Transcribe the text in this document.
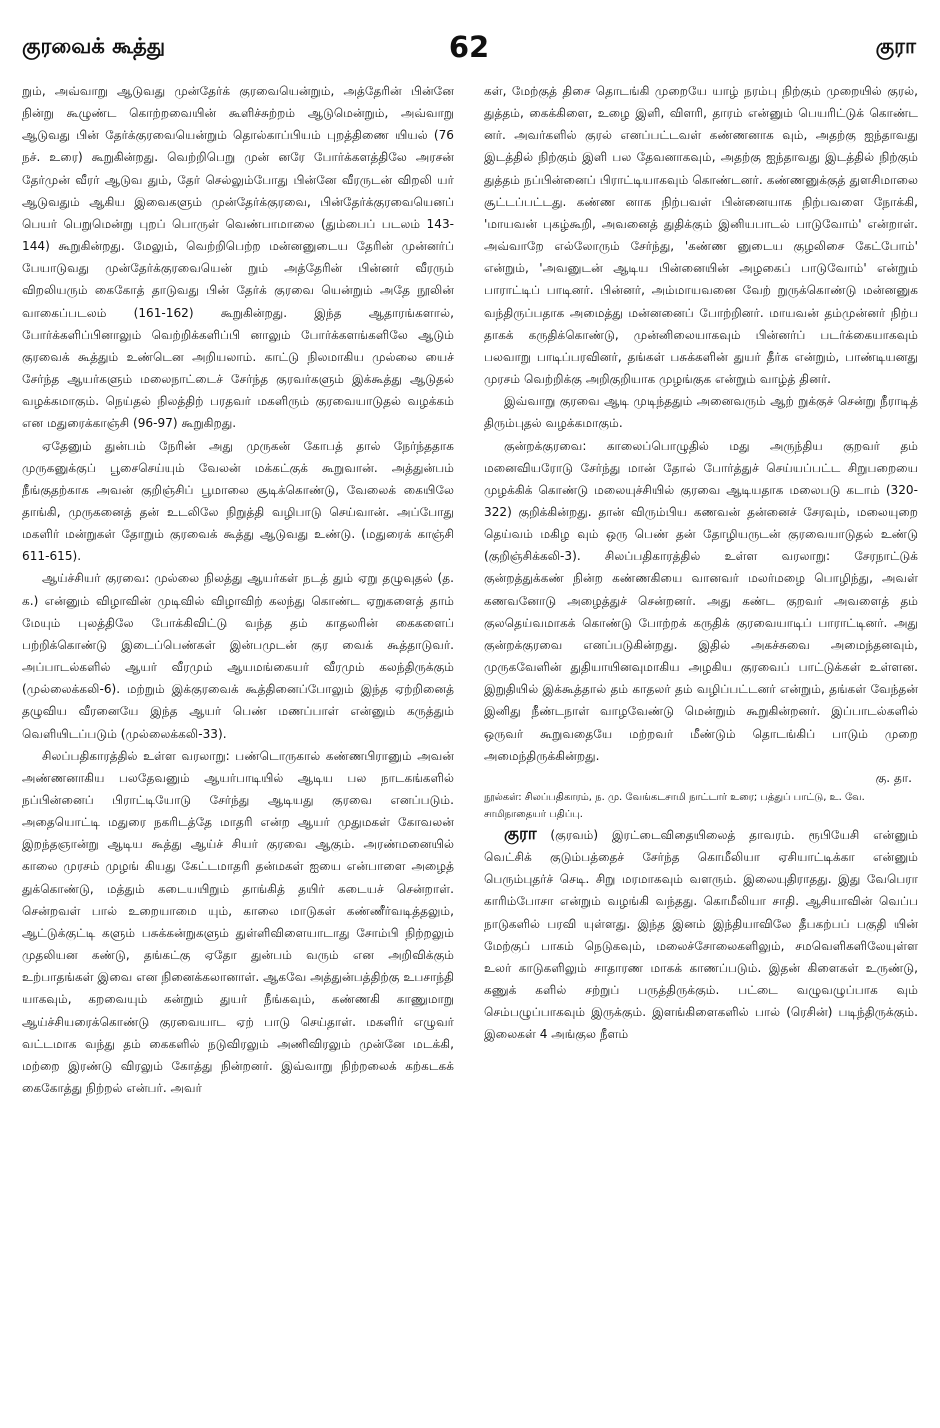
குரவைக் கூத்து	62	குரா

றும், அவ்வாறு ஆடுவது முன்தேர்க் குரவையென்றும், அத்தேரின் பின்னே நின்று கூழுண்ட கொற்றவையின் கூளிச்சுற்றம் ஆடுமென்றும், அவ்வாறு ஆடுவது பின் தேர்க்குரவையென்றும் தொல்காப்பியம் புறத்திணை யியல் (76 நச். உரை) கூறுகின்றது. வெற்றிபெறு முன் னரே போர்க்களத்திலே அரசன் தேர்முன் வீரர் ஆடுவ தும், தேர் செல்லும்போது பின்னே வீரருடன் விறலி யர் ஆடுவதும் ஆகிய இவைகளும் முன்தேர்க்குரவை, பின்தேர்க்குரவையெனப் பெயர் பெறுமென்று புறப் பொருள் வெண்பாமாலை (தும்பைப் படலம் 143-144) கூறுகின்றது. மேலும், வெற்றிபெற்ற மன்னனுடைய தேரின் முன்னர்ப் பேயாடுவது முன்தேர்க்குரவையென் றும் அத்தேரின் பின்னர் வீரரும் விறலியரும் கைகோத் தாடுவது பின் தேர்க் குரவை யென்றும் அதே நூலின் வாகைப்படலம் (161-162) கூறுகின்றது. இந்த ஆதாரங்களால், போர்க்களிப்பினாலும் வெற்றிக்களிப்பி னாலும் போர்க்களங்களிலே ஆடும் குரவைக் கூத்தும் உண்டென அறியலாம். காட்டு நிலமாகிய முல்லை யைச் சேர்ந்த ஆயர்களும் மலைநாட்டைச் சேர்ந்த குரவர்களும் இக்கூத்து ஆடுதல் வழக்கமாகும். நெய்தல் நிலத்திற் பரதவர் மகளிரும் குரவையாடுதல் வழக்கம் என மதுரைக்காஞ்சி (96-97) கூறுகிறது.

ஏதேனும் துன்பம் நேரின் அது முருகன் கோபத் தால் நேர்ந்ததாக முருகனுக்குப் பூசைசெய்யும் வேலன் மக்கட்குக் கூறுவான். அத்துன்பம் நீங்குதற்காக அவன் குறிஞ்சிப் பூமாலை சூடிக்கொண்டு, வேலைக் கையிலே தாங்கி, முருகனைத் தன் உடலிலே நிறுத்தி வழிபாடு செய்வான். அப்போது மகளிர் மன்றுகள் தோறும் குரவைக் கூத்து ஆடுவது உண்டு. (மதுரைக் காஞ்சி 611-615).

ஆய்ச்சியர் குரவை: முல்லை நிலத்து ஆயர்கள் நடத் தும் ஏறு தழுவுதல் (த. க.) என்னும் விழாவின் முடிவில் விழாவிற் கலந்து கொண்ட ஏறுகளைத் தாம் மேயும் புலத்திலே போக்கிவிட்டு வந்த தம் காதலரின் கைகளைப் பற்றிக்கொண்டு இடைப்பெண்கள் இன்பமுடன் குர வைக் கூத்தாடுவர். அப்பாடல்களில் ஆயர் வீரமும் ஆயமங்கையர் வீரமும் கலந்திருக்கும் (முல்லைக்கலி-6). மற்றும் இக்குரவைக் கூத்தினைப்போலும் இந்த ஏற்றினைத் தழுவிய வீரனையே இந்த ஆயர் பெண் மணப்பாள் என்னும் கருத்தும் வெளியிடப்படும் (முல்லைக்கலி-33).

சிலப்பதிகாரத்தில் உள்ள வரலாறு: பண்டொருகால் கண்ணபிரானும் அவன் அண்ணனாகிய பலதேவனும் ஆயர்பாடியில் ஆடிய பல நாடகங்களில் நப்பின்னைப் பிராட்டியோடு சேர்ந்து ஆடியது குரவை எனப்படும். அதையொட்டி மதுரை நகரிடத்தே மாதரி என்ற ஆயர் முதுமகள் கோவலன் இறந்தஞான்று ஆடிய கூத்து ஆய்ச் சியர் குரவை ஆகும். அரண்மனையில் காலை முரசம் முழங் கியது கேட்டமாதரி தன்மகள் ஐயை என்பாளை அழைத் துக்கொண்டு, மத்தும் கடையயிறும் தாங்கித் தயிர் கடையச் சென்றாள். சென்றவள் பால் உறையாமை யும், காலை மாடுகள் கண்ணீர்வடித்தலும், ஆட்டுக்குட்டி களும் பசுக்கன்றுகளும் துள்ளிவிளையாடாது சோம்பி நிற்றலும் முதலியன கண்டு, தங்கட்கு ஏதோ துன்பம் வரும் என அறிவிக்கும் உற்பாதங்கள் இவை என நினைக்கலானாள். ஆகவே அத்துன்பத்திற்கு உபசாந்தி யாகவும், கறவையும் கன்றும் துயர் நீங்கவும், கண்ணகி காணுமாறு ஆய்ச்சியரைக்கொண்டு குரவையாட ஏற் பாடு செய்தாள். மகளிர் எழுவர் வட்டமாக வந்து தம் கைகளில் நடுவிரலும் அணிவிரலும் முன்னே மடக்கி, மற்றை இரண்டு விரலும் கோத்து நின்றனர். இவ்வாறு நிற்றலைக் கற்கடகக் கைகோத்து நிற்றல் என்பர். அவர்

கள், மேற்குத் திசை தொடங்கி முறையே யாழ் நரம்பு நிற்கும் முறையில் குரல், துத்தம், கைக்கிளை, உழை இளி, விளரி, தாரம் என்னும் பெயரிட்டுக் கொண்ட னர். அவர்களில் குரல் எனப்பட்டவள் கண்ணனாக வும், அதற்கு ஐந்தாவது இடத்தில் நிற்கும் இளி பல தேவனாகவும், அதற்கு ஐந்தாவது இடத்தில் நிற்கும் துத்தம் நப்பின்னைப் பிராட்டியாகவும் கொண்டனர். கண்ணனுக்குத் துளசிமாலை சூட்டப்பட்டது. கண்ண னாக நிற்பவள் பின்னையாக நிற்பவளை நோக்கி, 'மாயவன் புகழ்கூறி, அவனைத் துதிக்கும் இனியபாடல் பாடுவோம்' என்றாள். அவ்வாறே எல்லோரும் சேர்ந்து, 'கண்ண னுடைய குழலிசை கேட்போம்' என்றும், 'அவனுடன் ஆடிய பின்னையின் அழகைப் பாடுவோம்' என்றும் பாராட்டிப் பாடினர். பின்னர், அம்மாயவனை வேற் றுருக்கொண்டு மன்னனுக வந்திருப்பதாக அமைத்து மன்னனைப் போற்றினர். மாயவன் தம்முன்னர் நிற்ப தாகக் கருதிக்கொண்டு, முன்னிலையாகவும் பின்னர்ப் படர்க்கையாகவும் பலவாறு பாடிப்பரவினர், தங்கள் பசுக்களின் துயர் தீர்க என்றும், பாண்டியனது முரசம் வெற்றிக்கு அறிகுறியாக முழங்குக என்றும் வாழ்த் தினர்.

இவ்வாறு குரவை ஆடி முடிந்ததும் அனைவரும் ஆற் றுக்குச் சென்று நீராடித் திரும்புதல் வழக்கமாகும்.

குன்றக்குரவை: காலைப்பொழுதில் மது அருந்திய குறவர் தம் மனைவியரோடு சேர்ந்து மான் தோல் போர்த்துச் செய்யப்பட்ட சிறுபறையை முழக்கிக் கொண்டு மலையுச்சியில் குரவை ஆடியதாக மலைபடு கடாம் (320-322) குறிக்கின்றது. தான் விரும்பிய கணவன் தன்னைச் சேரவும், மலையுறை தெய்வம் மகிழ வும் ஒரு பெண் தன் தோழியருடன் குரவையாடுதல் உண்டு (குறிஞ்சிக்கலி-3). சிலப்பதிகாரத்தில் உள்ள வரலாறு: சேரநாட்டுக் குன்றத்துக்கண் நின்ற கண்ணகியை வானவர் மலர்மழை பொழிந்து, அவள் கணவனோடு அழைத்துச் சென்றனர். அது கண்ட குறவர் அவளைத் தம் குலதெய்வமாகக் கொண்டு போற்றக் கருதிக் குரவையாடிப் பாராட்டினர். அது குன்றக்குரவை எனப்படுகின்றது. இதில் அகச்சுவை அமைந்தனவும், முருகவேளின் துதியாயினவுமாகிய அழகிய குரவைப் பாட்டுக்கள் உள்ளன. இறுதியில் இக்கூத்தால் தம் காதலர் தம் வழிப்பட்டனர் என்றும், தங்கள் வேந்தன் இனிது நீண்டநாள் வாழவேண்டு மென்றும் கூறுகின்றனர். இப்பாடல்களில் ஒருவர் கூறுவதையே மற்றவர் மீண்டும் தொடங்கிப் பாடும் முறை அமைந்திருக்கின்றது.

கு. தா.

நூல்கள்: சிலப்பதிகாரம், ந. மு. வேங்கடசாமி நாட்டார் உரை; பத்துப் பாட்டு, உ. வே. சாமிநாதையர் பதிப்பு.

குரா (குரவம்) இரட்டைவிதையிலைத் தாவரம். ரூபியேசி என்னும் வெட்சிக் குடும்பத்தைச் சேர்ந்த கொமீலியா ஏசியாட்டிக்கா என்னும் பெரும்புதர்ச் செடி. சிறு மரமாகவும் வளரும். இலையுதிராதது. இது வேபெரா காரிம்போசா என்றும் வழங்கி வந்தது. கொமீலியா சாதி. ஆசியாவின் வெப்ப நாடுகளில் பரவி யுள்ளது. இந்த இனம் இந்தியாவிலே தீபகற்பப் பகுதி யின் மேற்குப் பாகம் நெடுகவும், மலைச்சோலைகளிலும், சமவெளிகளிலேயுள்ள உலர் காடுகளிலும் சாதாரண மாகக் காணப்படும். இதன் கிளைகள் உருண்டு, கணுக் களில் சற்றுப் பருத்திருக்கும். பட்டை வழுவழுப்பாக வும் செம்பழுப்பாகவும் இருக்கும். இளங்கிளைகளில் பால் (ரெசின்) படிந்திருக்கும். இலைகள் 4 அங்குல நீளம்
